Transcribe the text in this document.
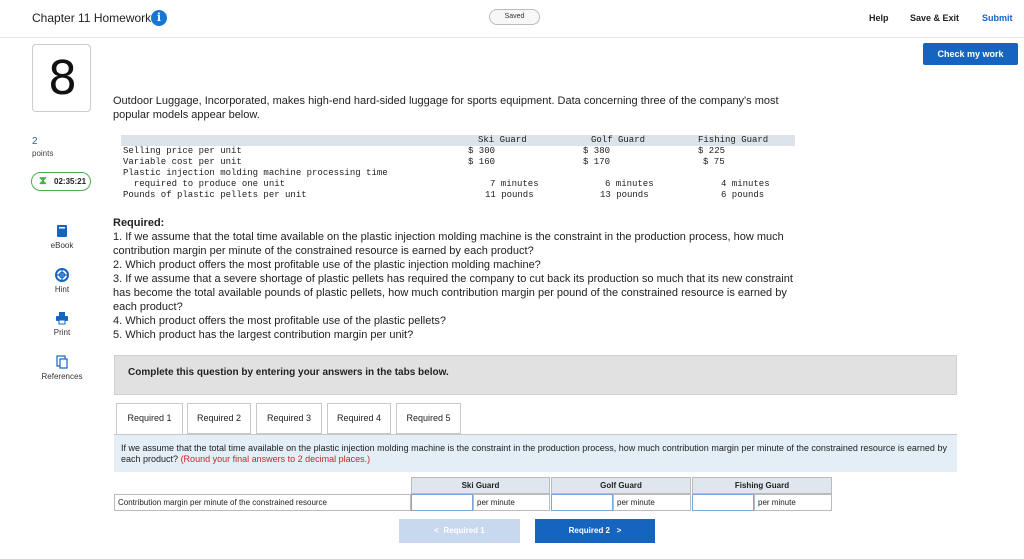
Chapter 11 Homework i	Saved	Help Save & Exit	Submit
Check my work
8
2
points
⧗ 02:35:21
eBook
Hint
Print
References
Outdoor Luggage, Incorporated, makes high-end hard-sided luggage for sports equipment. Data concerning three of the company's most popular models appear below.
Ski Guard	Golf Guard	Fishing Guard
Selling price per unit	$ 300	$ 380	$ 225
Variable cost per unit	$ 160	$ 170	$ 75
Plastic injection molding machine processing time
required to produce one unit	7 minutes	6 minutes	4 minutes
Pounds of plastic pellets per unit	11 pounds	13 pounds	6 pounds
Required:
1. If we assume that the total time available on the plastic injection molding machine is the constraint in the production process, how much contribution margin per minute of the constrained resource is earned by each product?
2. Which product offers the most profitable use of the plastic injection molding machine?
3. If we assume that a severe shortage of plastic pellets has required the company to cut back its production so much that its new constraint has become the total available pounds of plastic pellets, how much contribution margin per pound of the constrained resource is earned by each product?
4. Which product offers the most profitable use of the plastic pellets?
5. Which product has the largest contribution margin per unit?
Complete this question by entering your answers in the tabs below.
Required 1	Required 2	Required 3	Required 4	Required 5
If we assume that the total time available on the plastic injection molding machine is the constraint in the production process, how much contribution margin per minute of the constrained resource is earned by each product? (Round your final answers to 2 decimal places.)
Ski Guard	Golf Guard	Fishing Guard
Contribution margin per minute of the constrained resource	per minute	per minute	per minute
< Required 1	Required 2 >
